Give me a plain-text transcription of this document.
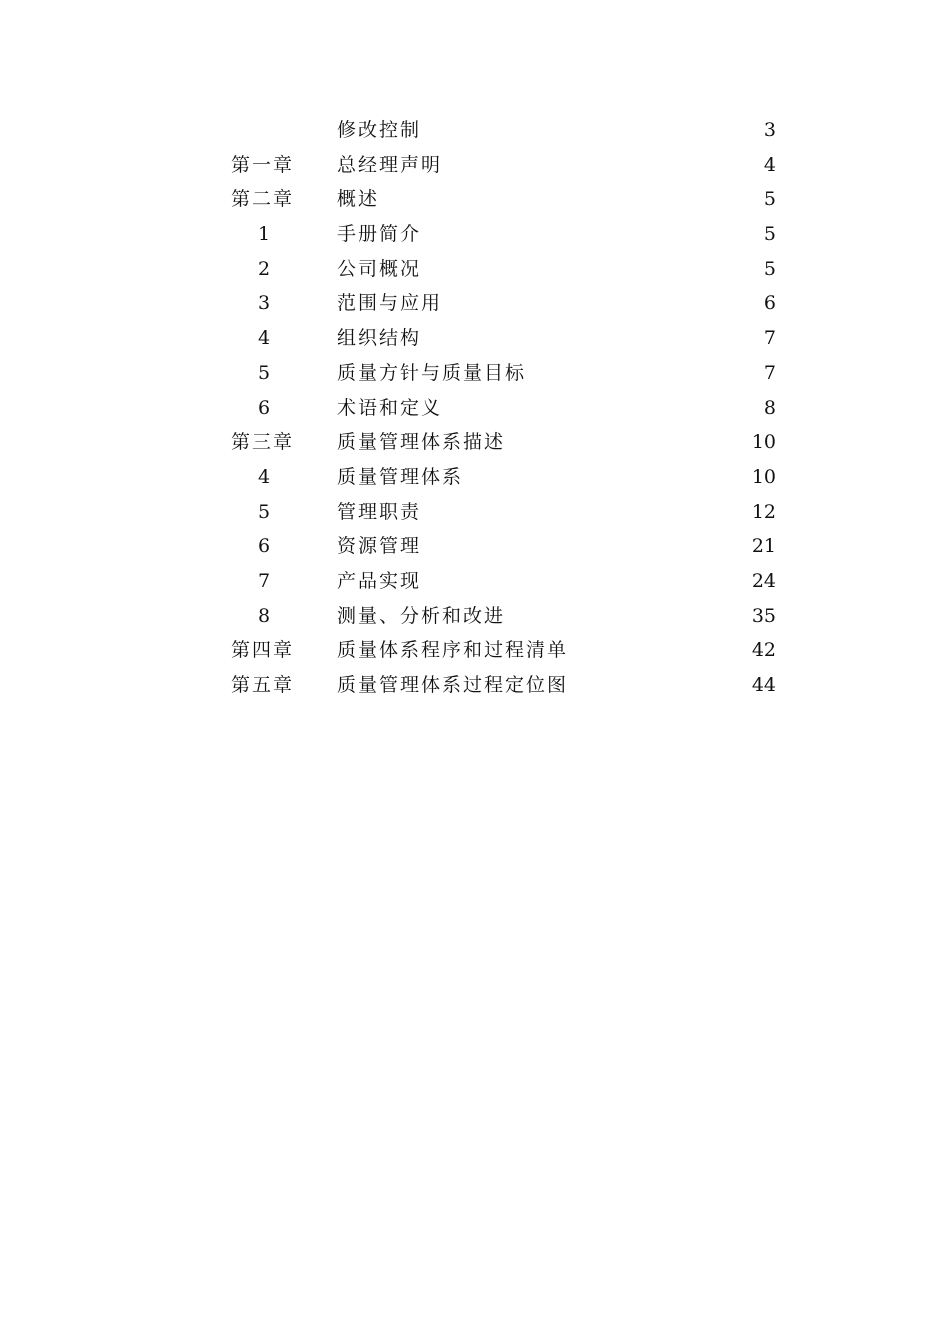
修改控制	3
第一章 总经理声明	4
第二章 概述	5
1	手册简介	5
2	公司概况	5
3	范围与应用	6
4	组织结构	7
5	质量方针与质量目标	7
6	术语和定义	8
第三章 质量管理体系描述	10
4	质量管理体系	10
5	管理职责	12
6	资源管理	21
7	产品实现	24
8	测量、分析和改进	35
第四章 质量体系程序和过程清单	42
第五章 质量管理体系过程定位图	44
